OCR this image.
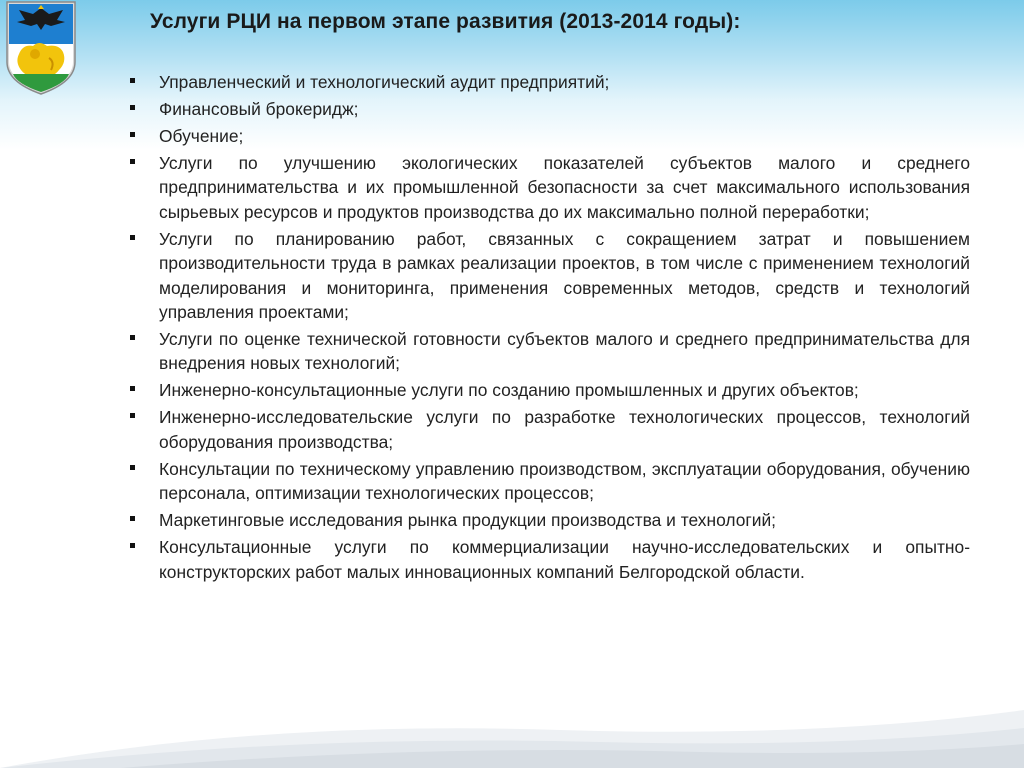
Услуги РЦИ на первом этапе развития (2013-2014 годы):
Управленческий и технологический аудит предприятий;
Финансовый брокеридж;
Обучение;
Услуги по улучшению экологических показателей субъектов малого и среднего предпринимательства и их промышленной безопасности за счет максимального использования сырьевых ресурсов и продуктов производства до их максимально полной переработки;
Услуги по планированию работ, связанных с сокращением затрат и повышением производительности труда в рамках реализации проектов, в том числе с применением технологий моделирования и мониторинга, применения современных методов, средств и технологий управления проектами;
Услуги по оценке технической готовности субъектов малого и среднего предпринимательства для внедрения новых технологий;
Инженерно-консультационные услуги по созданию промышленных и других объектов;
Инженерно-исследовательские услуги по разработке технологических процессов, технологий оборудования производства;
Консультации по техническому управлению производством, эксплуатации оборудования, обучению персонала, оптимизации технологических процессов;
Маркетинговые исследования рынка продукции производства и технологий;
Консультационные услуги по коммерциализации научно-исследовательских и опытно-конструкторских работ малых инновационных компаний Белгородской области.
